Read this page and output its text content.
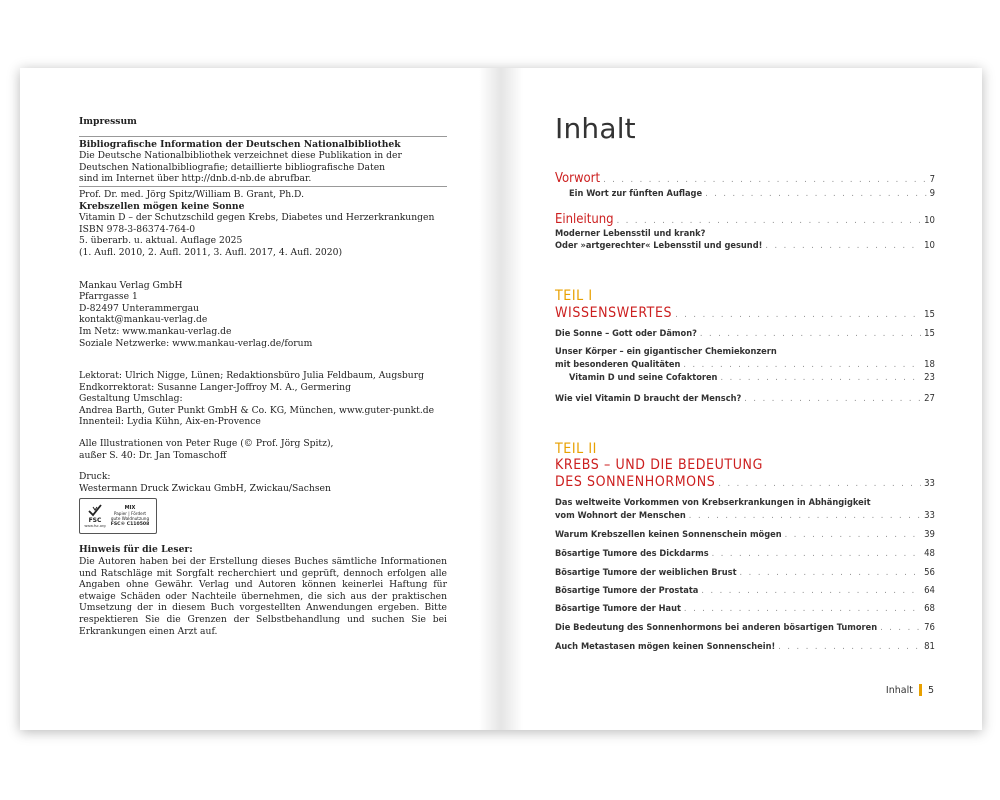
Impressum

Bibliografische Information der Deutschen Nationalbibliothek

Die Deutsche Nationalbibliothek verzeichnet diese Publikation in der

Deutschen Nationalbibliografie; detaillierte bibliografische Daten

sind im Internet über http://dnb.d-nb.de abrufbar.

Prof. Dr. med. Jörg Spitz/William B. Grant, Ph.D.

Krebszellen mögen keine Sonne

Vitamin D – der Schutzschild gegen Krebs, Diabetes und Herzerkrankungen

ISBN 978-3-86374-764-0

5. überarb. u. aktual. Auflage 2025

(1. Aufl. 2010, 2. Aufl. 2011, 3. Aufl. 2017, 4. Aufl. 2020)

Mankau Verlag GmbH

Pfarrgasse 1

D-82497 Unterammergau

kontakt@mankau-verlag.de

Im Netz: www.mankau-verlag.de

Soziale Netzwerke: www.mankau-verlag.de/forum

Lektorat: Ulrich Nigge, Lünen; Redaktionsbüro Julia Feldbaum, Augsburg

Endkorrektorat: Susanne Langer-Joffroy M. A., Germering

Gestaltung Umschlag:

Andrea Barth, Guter Punkt GmbH & Co. KG, München, www.guter-punkt.de

Innenteil: Lydia Kühn, Aix-en-Provence

Alle Illustrationen von Peter Ruge (© Prof. Jörg Spitz),

außer S. 40: Dr. Jan Tomaschoff

Druck:

Westermann Druck Zwickau GmbH, Zwickau/Sachsen

FSC
www.fsc.org
MIX
Papier | Fördert
gute Waldnutzung
FSC® C110508

Hinweis für die Leser:

Die Autoren haben bei der Erstellung dieses Buches sämtliche Informationen und Ratschläge mit Sorgfalt recherchiert und geprüft, dennoch erfolgen alle Angaben ohne Gewähr. Verlag und Autoren können keinerlei Haftung für etwaige Schäden oder Nachteile übernehmen, die sich aus der praktischen Umsetzung der in diesem Buch vorgestellten Anwendungen ergeben. Bitte respektieren Sie die Grenzen der Selbstbehandlung und suchen Sie bei Erkrankungen einen Arzt auf.

Inhalt
Vorwort . . .	7
Ein Wort zur fünften Auflage . . .	9
Einleitung . . .	10
Moderner Lebensstil und krank?
Oder »artgerechter« Lebensstil und gesund! . . .	10
TEIL I
WISSENSWERTES . . .	15
Die Sonne – Gott oder Dämon? . . .	15
Unser Körper – ein gigantischer Chemiekonzern
mit besonderen Qualitäten . . .	18
Vitamin D und seine Cofaktoren . . .	23
Wie viel Vitamin D braucht der Mensch? . . .	27
TEIL II
KREBS – UND DIE BEDEUTUNG
DES SONNENHORMONS . . .	33
Das weltweite Vorkommen von Krebserkrankungen in Abhängigkeit
vom Wohnort der Menschen . . .	33
Warum Krebszellen keinen Sonnenschein mögen . . .	39
Bösartige Tumore des Dickdarms . . .	48
Bösartige Tumore der weiblichen Brust . . .	56
Bösartige Tumore der Prostata . . .	64
Bösartige Tumore der Haut . . .	68
Die Bedeutung des Sonnenhormons bei anderen bösartigen Tumoren . . .	76
Auch Metastasen mögen keinen Sonnenschein! . . .	81
Inhalt 5
